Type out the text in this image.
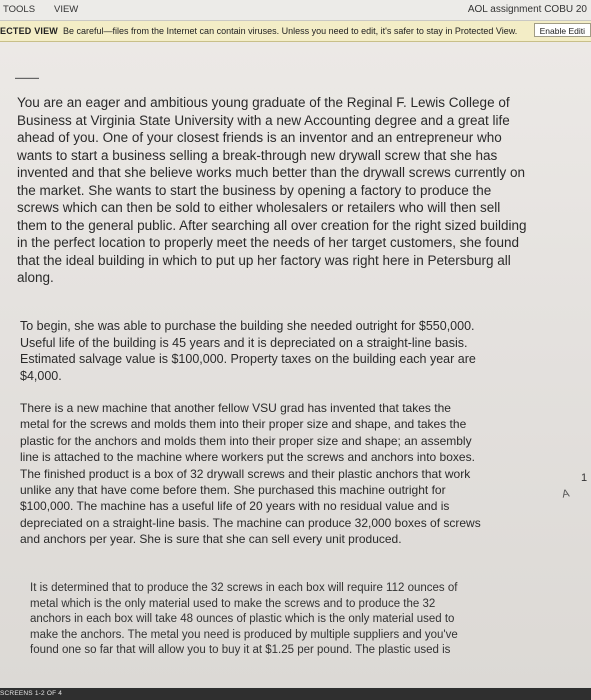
TOOLS VIEW	AOL assignment COBU 20
ECTED VIEW Be careful—files from the Internet can contain viruses. Unless you need to edit, it's safer to stay in Protected View.	Enable Editi
▬▬▬▬▬▬
You are an eager and ambitious young graduate of the Reginal F. Lewis College of
Business at Virginia State University with a new Accounting degree and a great life
ahead of you. One of your closest friends is an inventor and an entrepreneur who
wants to start a business selling a break-through new drywall screw that she has
invented and that she believe works much better than the drywall screws currently on
the market. She wants to start the business by opening a factory to produce the
screws which can then be sold to either wholesalers or retailers who will then sell
them to the general public. After searching all over creation for the right sized building
in the perfect location to properly meet the needs of her target customers, she found
that the ideal building in which to put up her factory was right here in Petersburg all
along.
To begin, she was able to purchase the building she needed outright for $550,000.
Useful life of the building is 45 years and it is depreciated on a straight-line basis.
Estimated salvage value is $100,000. Property taxes on the building each year are
$4,000.
There is a new machine that another fellow VSU grad has invented that takes the
metal for the screws and molds them into their proper size and shape, and takes the
plastic for the anchors and molds them into their proper size and shape; an assembly
line is attached to the machine where workers put the screws and anchors into boxes.
The finished product is a box of 32 drywall screws and their plastic anchors that work
unlike any that have come before them. She purchased this machine outright for
$100,000. The machine has a useful life of 20 years with no residual value and is
depreciated on a straight-line basis. The machine can produce 32,000 boxes of screws
and anchors per year. She is sure that she can sell every unit produced.
It is determined that to produce the 32 screws in each box will require 112 ounces of
metal which is the only material used to make the screws and to produce the 32
anchors in each box will take 48 ounces of plastic which is the only material used to
make the anchors. The metal you need is produced by multiple suppliers and you've
found one so far that will allow you to buy it at $1.25 per pound. The plastic used is
1
A
SCREENS 1-2 OF 4
